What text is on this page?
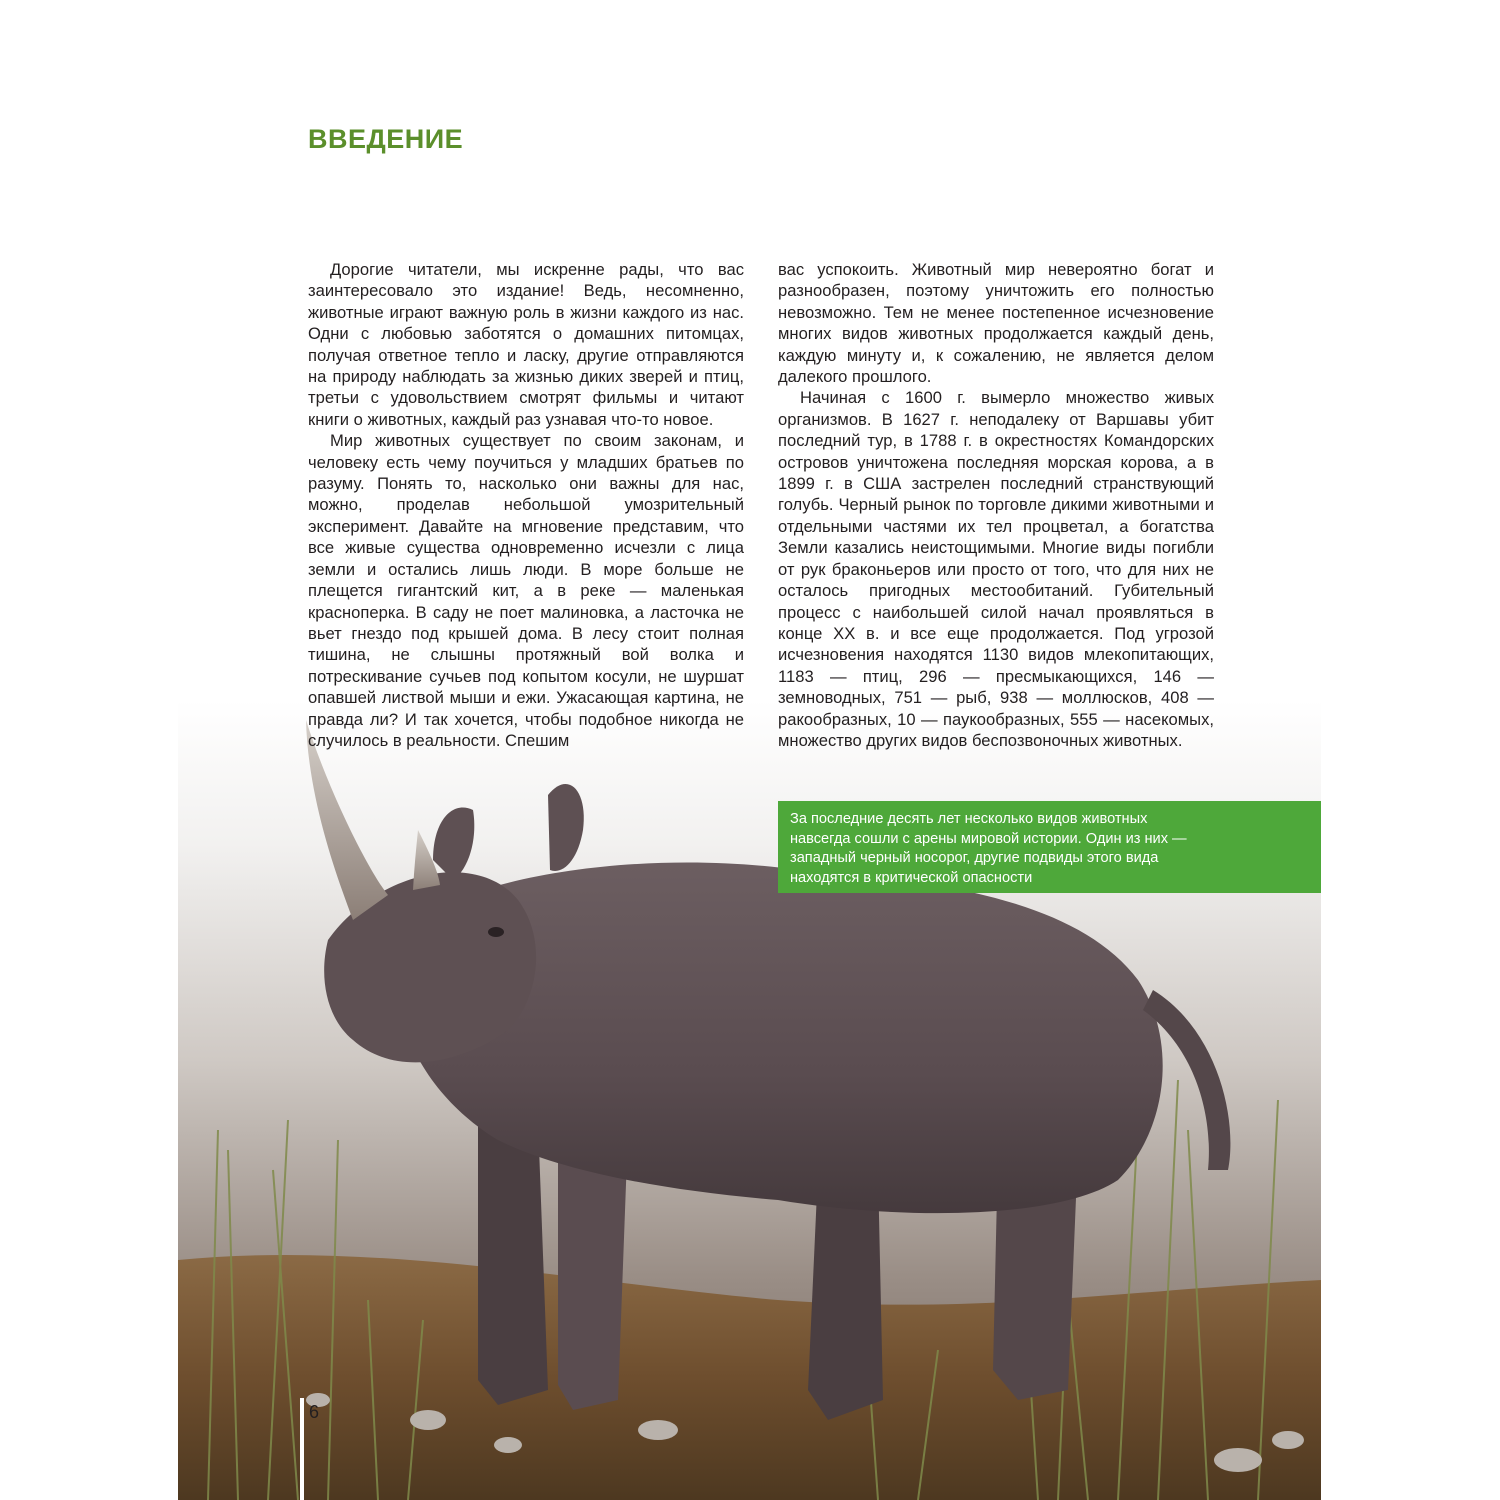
ВВЕДЕНИЕ

Дорогие читатели, мы искренне рады, что вас заинтересовало это издание! Ведь, несомненно, животные играют важную роль в жизни каждого из нас. Одни с любовью заботятся о домашних питомцах, получая ответное тепло и ласку, другие отправляются на природу наблюдать за жизнью диких зверей и птиц, третьи с удовольствием смотрят фильмы и читают книги о животных, каждый раз узнавая что-то новое.

Мир животных существует по своим законам, и человеку есть чему поучиться у младших братьев по разуму. Понять то, насколько они важны для нас, можно, проделав небольшой умозрительный эксперимент. Давайте на мгновение представим, что все живые существа одновременно исчезли с лица земли и остались лишь люди. В море больше не плещется гигантский кит, а в реке — маленькая красноперка. В саду не поет малиновка, а ласточка не вьет гнездо под крышей дома. В лесу стоит полная тишина, не слышны протяжный вой волка и потрескивание сучьев под копытом косули, не шуршат опавшей листвой мыши и ежи. Ужасающая картина, не правда ли? И так хочется, чтобы подобное никогда не случилось в реальности. Спешим

вас успокоить. Животный мир невероятно богат и разнообразен, поэтому уничтожить его полностью невозможно. Тем не менее постепенное исчезновение многих видов животных продолжается каждый день, каждую минуту и, к сожалению, не является делом далекого прошлого.

Начиная с 1600 г. вымерло множество живых организмов. В 1627 г. неподалеку от Варшавы убит последний тур, в 1788 г. в окрестностях Командорских островов уничтожена последняя морская корова, а в 1899 г. в США застрелен последний странствующий голубь. Черный рынок по торговле дикими животными и отдельными частями их тел процветал, а богатства Земли казались неистощимыми. Многие виды погибли от рук браконьеров или просто от того, что для них не осталось пригодных местообитаний. Губительный процесс с наибольшей силой начал проявляться в конце XX в. и все еще продолжается. Под угрозой исчезновения находятся 1130 видов млекопитающих, 1183 — птиц, 296 — пресмыкающихся, 146 — земноводных, 751 — рыб, 938 — моллюсков, 408 — ракообразных, 10 — паукообразных, 555 — насекомых, множество других видов беспозвоночных животных.

За последние десять лет несколько видов животных навсегда сошли с арены мировой истории. Один из них — западный черный носорог, другие подвиды этого вида находятся в критической опасности
6
